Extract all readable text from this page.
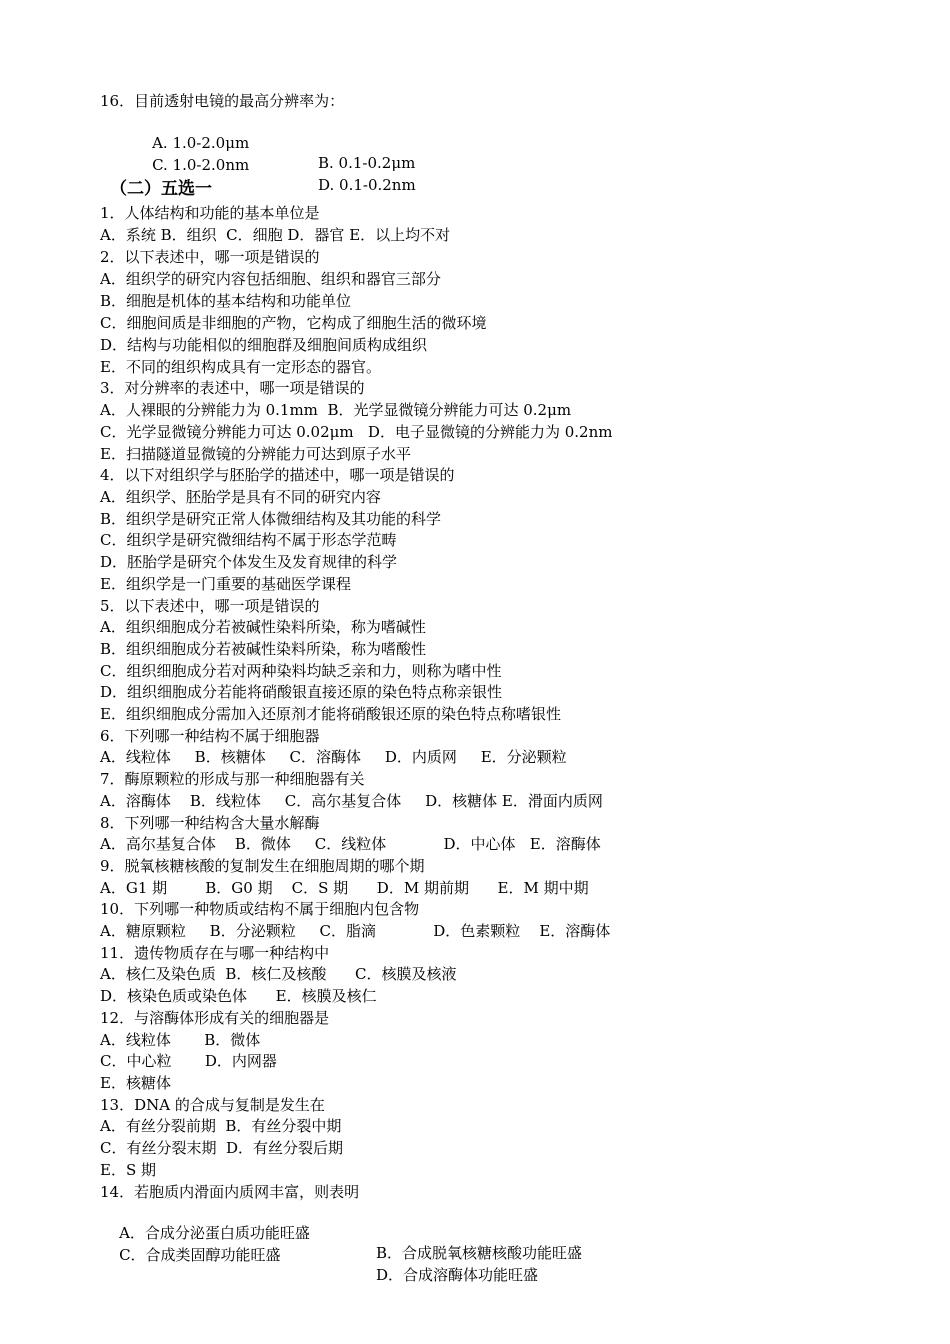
16．目前透射电镜的最高分辨率为：

A. 1.0-2.0μm

B. 0.1-0.2μm

C. 1.0-2.0nm

D. 0.1-0.2nm

（二）五选一
1．人体结构和功能的基本单位是
A．系统 B．组织  C．细胞 D．器官 E．以上均不对
2．以下表述中，哪一项是错误的
A．组织学的研究内容包括细胞、组织和器官三部分
B．细胞是机体的基本结构和功能单位
C．细胞间质是非细胞的产物，它构成了细胞生活的微环境
D．结构与功能相似的细胞群及细胞间质构成组织
E．不同的组织构成具有一定形态的器官。
3．对分辨率的表述中，哪一项是错误的
A．人裸眼的分辨能力为 0.1mm  B．光学显微镜分辨能力可达 0.2μm
C．光学显微镜分辨能力可达 0.02μm   D．电子显微镜的分辨能力为 0.2nm
E．扫描隧道显微镜的分辨能力可达到原子水平
4．以下对组织学与胚胎学的描述中，哪一项是错误的
A．组织学、胚胎学是具有不同的研究内容
B．组织学是研究正常人体微细结构及其功能的科学
C．组织学是研究微细结构不属于形态学范畴
D．胚胎学是研究个体发生及发育规律的科学
E．组织学是一门重要的基础医学课程
5．以下表述中，哪一项是错误的
A．组织细胞成分若被碱性染料所染，称为嗜碱性
B．组织细胞成分若被碱性染料所染，称为嗜酸性
C．组织细胞成分若对两种染料均缺乏亲和力，则称为嗜中性
D．组织细胞成分若能将硝酸银直接还原的染色特点称亲银性
E．组织细胞成分需加入还原剂才能将硝酸银还原的染色特点称嗜银性
6．下列哪一种结构不属于细胞器
A．线粒体     B．核糖体     C．溶酶体     D．内质网     E．分泌颗粒
7．酶原颗粒的形成与那一种细胞器有关
A．溶酶体    B．线粒体     C．高尔基复合体     D．核糖体 E．滑面内质网
8．下列哪一种结构含大量水解酶
A．高尔基复合体    B．微体     C．线粒体            D．中心体   E．溶酶体
9．脱氧核糖核酸的复制发生在细胞周期的哪个期
A．G1 期        B．G0 期    C．S 期      D．M 期前期      E．M 期中期
10．下列哪一种物质或结构不属于细胞内包含物
A．糖原颗粒     B．分泌颗粒     C．脂滴            D．色素颗粒    E．溶酶体
11．遗传物质存在与哪一种结构中
A．核仁及染色质  B．核仁及核酸      C．核膜及核液
D．核染色质或染色体      E．核膜及核仁
12．与溶酶体形成有关的细胞器是
A．线粒体       B．微体
C．中心粒       D．内网器
E．核糖体
13．DNA 的合成与复制是发生在
A．有丝分裂前期  B．有丝分裂中期
C．有丝分裂末期  D．有丝分裂后期
E．S 期
14．若胞质内滑面内质网丰富，则表明

A．合成分泌蛋白质功能旺盛

B．合成脱氧核糖核酸功能旺盛

C．合成类固醇功能旺盛

D．合成溶酶体功能旺盛
